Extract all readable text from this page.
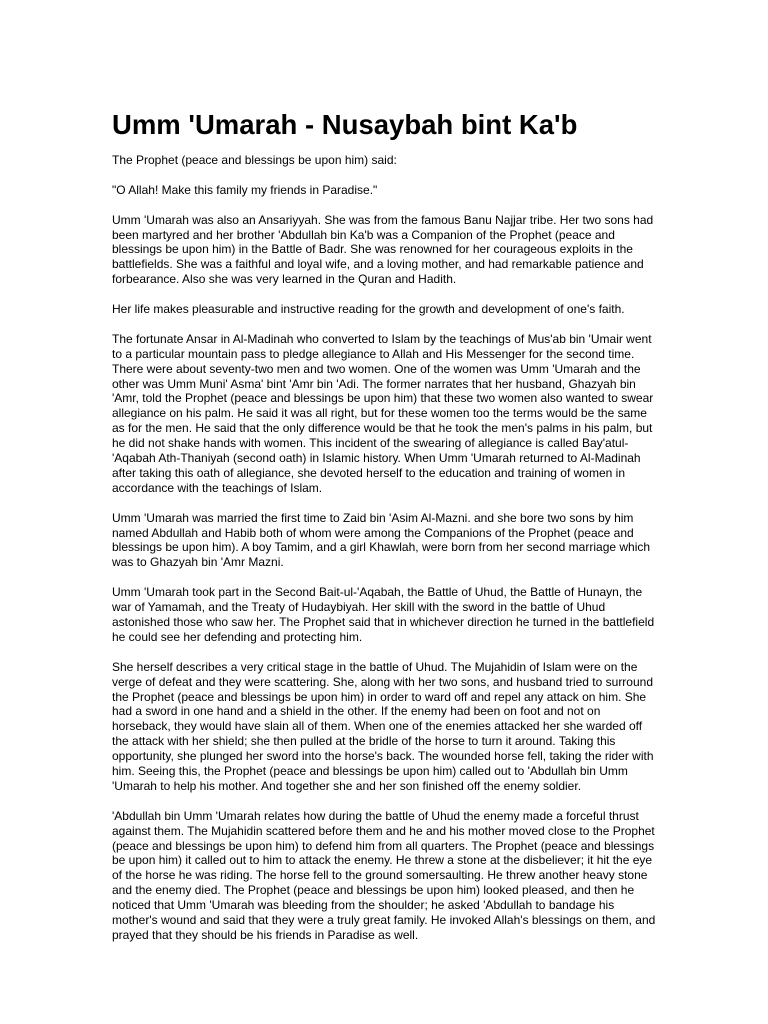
Umm 'Umarah - Nusaybah bint Ka'b

The Prophet (peace and blessings be upon him) said:

"O Allah! Make this family my friends in Paradise."

Umm 'Umarah was also an Ansariyyah. She was from the famous Banu Najjar tribe. Her two sons had been martyred and her brother 'Abdullah bin Ka'b was a Companion of the Prophet (peace and blessings be upon him) in the Battle of Badr. She was renowned for her courageous exploits in the battlefields. She was a faithful and loyal wife, and a loving mother, and had remarkable patience and forbearance. Also she was very learned in the Quran and Hadith.

Her life makes pleasurable and instructive reading for the growth and development of one's faith.

The fortunate Ansar in Al-Madinah who converted to Islam by the teachings of Mus'ab bin 'Umair went to a particular mountain pass to pledge allegiance to Allah and His Messenger for the second time. There were about seventy-two men and two women. One of the women was Umm 'Umarah and the other was Umm Muni' Asma' bint 'Amr bin 'Adi. The former narrates that her husband, Ghazyah bin 'Amr, told the Prophet (peace and blessings be upon him) that these two women also wanted to swear allegiance on his palm. He said it was all right, but for these women too the terms would be the same as for the men. He said that the only difference would be that he took the men's palms in his palm, but he did not shake hands with women. This incident of the swearing of allegiance is called Bay'atul-'Aqabah Ath-Thaniyah (second oath) in Islamic history. When Umm 'Umarah returned to Al-Madinah after taking this oath of allegiance, she devoted herself to the education and training of women in accordance with the teachings of Islam.

Umm 'Umarah was married the first time to Zaid bin 'Asim Al-Mazni. and she bore two sons by him named Abdullah and Habib both of whom were among the Companions of the Prophet (peace and blessings be upon him). A boy Tamim, and a girl Khawlah, were born from her second marriage which was to Ghazyah bin 'Amr Mazni.

Umm 'Umarah took part in the Second Bait-ul-'Aqabah, the Battle of Uhud, the Battle of Hunayn, the war of Yamamah, and the Treaty of Hudaybiyah. Her skill with the sword in the battle of Uhud astonished those who saw her. The Prophet said that in whichever direction he turned in the battlefield he could see her defending and protecting him.

She herself describes a very critical stage in the battle of Uhud. The Mujahidin of Islam were on the verge of defeat and they were scattering. She, along with her two sons, and husband tried to surround the Prophet (peace and blessings be upon him) in order to ward off and repel any attack on him. She had a sword in one hand and a shield in the other. If the enemy had been on foot and not on horseback, they would have slain all of them. When one of the enemies attacked her she warded off the attack with her shield; she then pulled at the bridle of the horse to turn it around. Taking this opportunity, she plunged her sword into the horse's back. The wounded horse fell, taking the rider with him. Seeing this, the Prophet (peace and blessings be upon him) called out to 'Abdullah bin Umm 'Umarah to help his mother. And together she and her son finished off the enemy soldier.

'Abdullah bin Umm 'Umarah relates how during the battle of Uhud the enemy made a forceful thrust against them. The Mujahidin scattered before them and he and his mother moved close to the Prophet (peace and blessings be upon him) to defend him from all quarters. The Prophet (peace and blessings be upon him) it called out to him to attack the enemy. He threw a stone at the disbeliever; it hit the eye of the horse he was riding. The horse fell to the ground somersaulting. He threw another heavy stone and the enemy died. The Prophet (peace and blessings be upon him) looked pleased, and then he noticed that Umm 'Umarah was bleeding from the shoulder; he asked 'Abdullah to bandage his mother's wound and said that they were a truly great family. He invoked Allah's blessings on them, and prayed that they should be his friends in Paradise as well.
